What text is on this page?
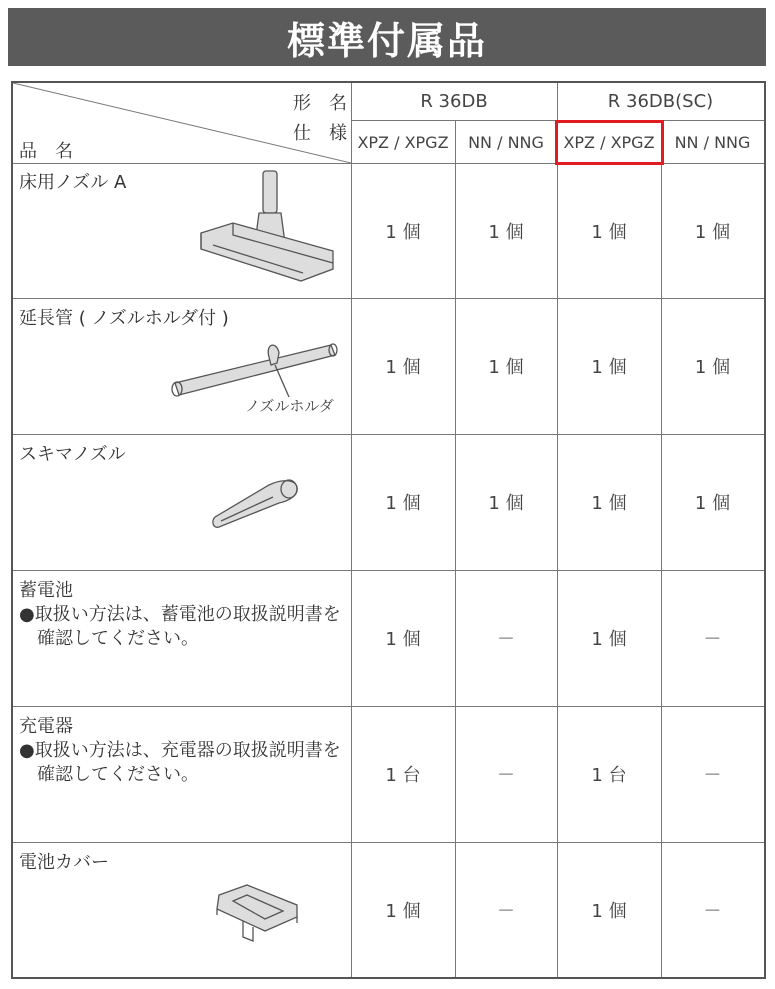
標準付属品
形　名
仕　様
品　名
R 36DB	R 36DB(SC)
XPZ / XPGZ	NN / NNG	XPZ / XPGZ	NN / NNG
床用ノズル A
1 個	1 個	1 個	1 個
延長管 ( ノズルホルダ付 )
ノズルホルダ
1 個	1 個	1 個	1 個
スキマノズル
1 個	1 個	1 個	1 個
蓄電池
●取扱い方法は、蓄電池の取扱説明書を
確認してください。	1 個	－	1 個	－
充電器
●取扱い方法は、充電器の取扱説明書を
確認してください。	1 台	－	1 台	－
電池カバー
1 個	－	1 個	－
